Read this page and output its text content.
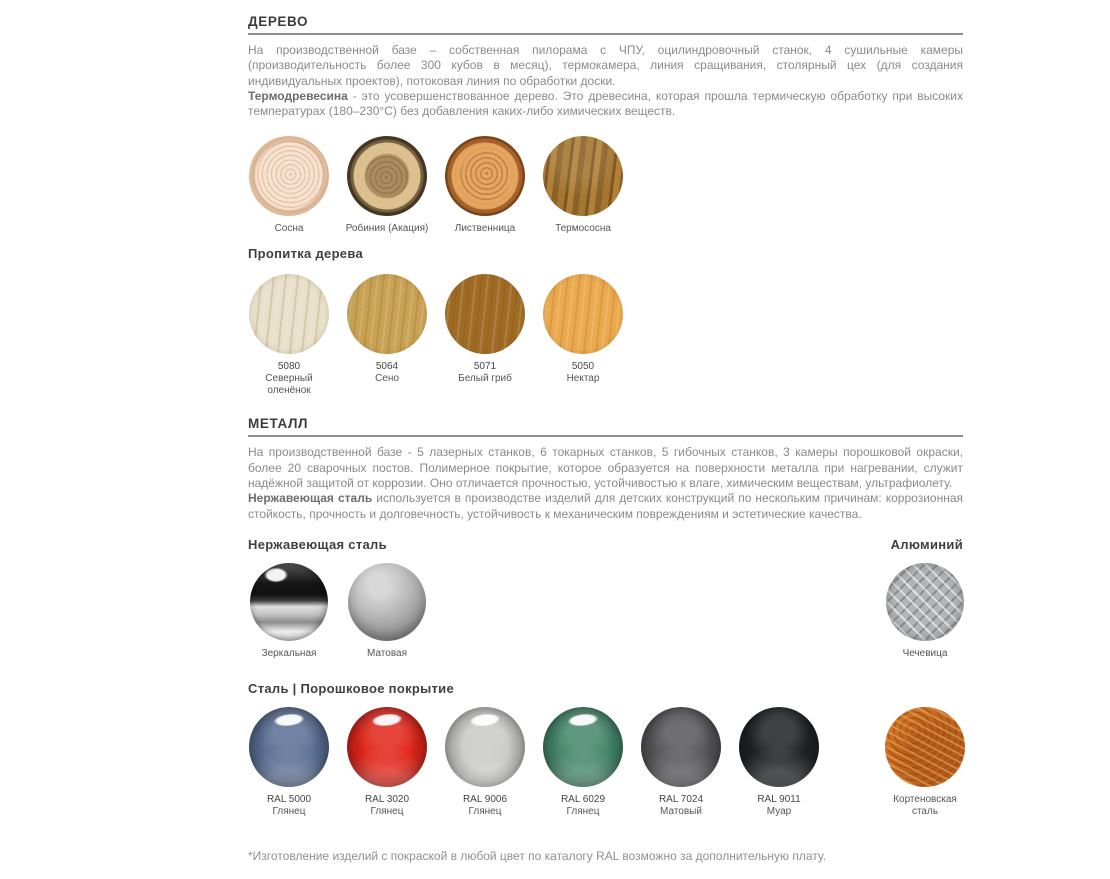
ДЕРЕВО

На производственной базе – собственная пилорама с ЧПУ, оцилиндровочный станок, 4 сушильные камеры (производительность более 300 кубов в месяц), термокамера, линия сращивания, столярный цех (для создания индивидуальных проектов), потоковая линия по обработки доски.

Термодревесина - это усовершенствованное дерево. Это древесина, которая прошла термическую обработку при высоких температурах (180–230°C) без добавления каких-либо химических веществ.

Сосна	Робиния (Акация)	Лиственница	Термососна
Пропитка дерева
5080
Северный оленёнок
5064
Сено
5071
Белый гриб
5050
Нектар
МЕТАЛЛ

На производственной базе - 5 лазерных станков, 6 токарных станков, 5 гибочных станков, 3 камеры порошковой окраски, более 20 сварочных постов. Полимерное покрытие, которое образуется на поверхности металла при нагревании, служит надёжной защитой от коррозии. Оно отличается прочностью, устойчивостью к влаге, химическим веществам, ультрафиолету.

Нержавеющая сталь используется в производстве изделий для детских конструкций по нескольким причинам: коррозионная стойкость, прочность и долговечность, устойчивость к механическим повреждениям и эстетические качества.

Нержавеющая сталь	Алюминий
Зеркальная	Матовая	Чечевица
Сталь | Порошковое покрытие
RAL 5000
Глянец
RAL 3020
Глянец
RAL 9006
Глянец
RAL 6029
Глянец
RAL 7024
Матовый
RAL 9011
Муар
Кортеновская сталь

*Изготовление изделий с покраской в любой цвет по каталогу RAL возможно за дополнительную плату.
